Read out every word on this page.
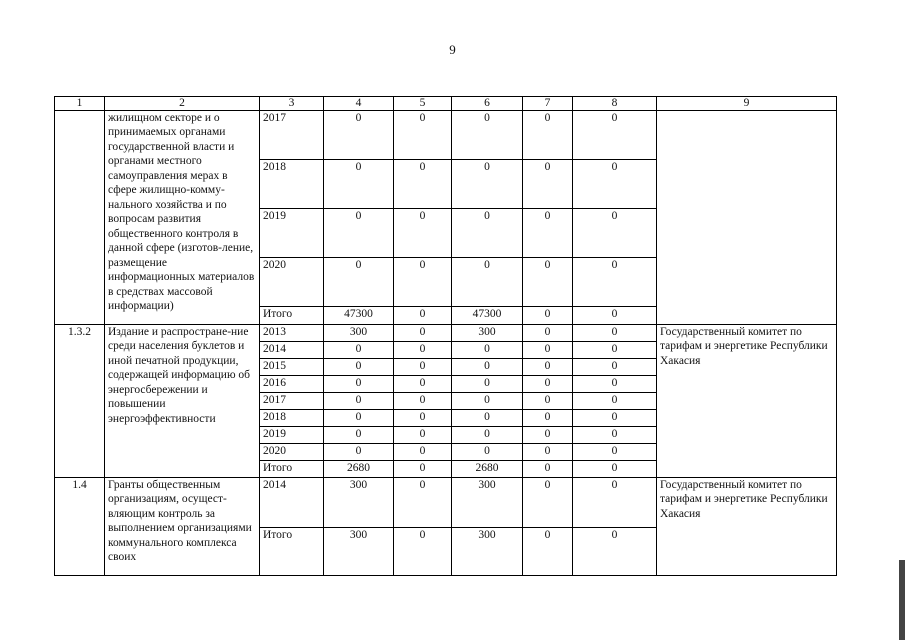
9
1	2	3	4	5	6	7	8	9
	жилищном секторе и о принимаемых органами государственной власти и органами местного самоуправления мерах в сфере жилищно-комму-нального хозяйства и по вопросам развития общественного контроля в данной сфере (изготов-ление, размещение информационных материалов в средствах массовой информации)	2017	0	0	0	0	0	
		2018	0	0	0	0	0	
		2019	0	0	0	0	0	
		2020	0	0	0	0	0	
		Итого	47300	0	47300	0	0	
1.3.2	Издание и распростране-ние среди населения буклетов и иной печатной продукции, содержащей информацию об энергосбережении и повышении энергоэффективности	2013	300	0	300	0	0	Государственный комитет по тарифам и энергетике Республики Хакасия
		2014	0	0	0	0	0	
		2015	0	0	0	0	0	
		2016	0	0	0	0	0	
		2017	0	0	0	0	0	
		2018	0	0	0	0	0	
		2019	0	0	0	0	0	
		2020	0	0	0	0	0	
		Итого	2680	0	2680	0	0	
1.4	Гранты общественным организациям, осущест-вляющим контроль за выполнением организациями коммунального комплекса своих	2014	300	0	300	0	0	Государственный комитет по тарифам и энергетике Республики Хакасия
		Итого	300	0	300	0	0	
